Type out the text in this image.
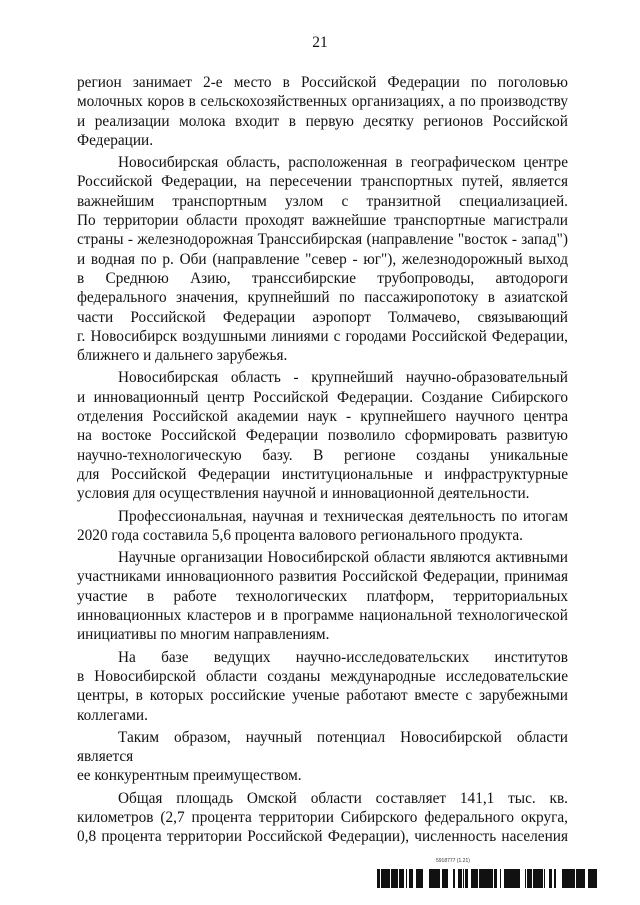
21

регион занимает 2-е место в Российской Федерации по поголовью

молочных коров в сельскохозяйственных организациях, а по производству

и реализации молока входит в первую десятку регионов Российской

Федерации.

Новосибирская область, расположенная в географическом центре

Российской Федерации, на пересечении транспортных путей, является

важнейшим транспортным узлом с транзитной специализацией.

По территории области проходят важнейшие транспортные магистрали

страны - железнодорожная Транссибирская (направление "восток - запад")

и водная по р. Оби (направление "север - юг"), железнодорожный выход

в Среднюю Азию, транссибирские трубопроводы, автодороги

федерального значения, крупнейший по пассажиропотоку в азиатской

части Российской Федерации аэропорт Толмачево, связывающий

г. Новосибирск воздушными линиями с городами Российской Федерации,

ближнего и дальнего зарубежья.

Новосибирская область - крупнейший научно-образовательный

и инновационный центр Российской Федерации. Создание Сибирского

отделения Российской академии наук - крупнейшего научного центра

на востоке Российской Федерации позволило сформировать развитую

научно-технологическую базу. В регионе созданы уникальные

для Российской Федерации институциональные и инфраструктурные

условия для осуществления научной и инновационной деятельности.

Профессиональная, научная и техническая деятельность по итогам

2020 года составила 5,6 процента валового регионального продукта.

Научные организации Новосибирской области являются активными

участниками инновационного развития Российской Федерации, принимая

участие в работе технологических платформ, территориальных

инновационных кластеров и в программе национальной технологической

инициативы по многим направлениям.

На базе ведущих научно-исследовательских институтов

в Новосибирской области созданы международные исследовательские

центры, в которых российские ученые работают вместе с зарубежными

коллегами.

Таким образом, научный потенциал Новосибирской области является

ее конкурентным преимуществом.

Общая площадь Омской области составляет 141,1 тыс. кв.

километров (2,7 процента территории Сибирского федерального округа,

0,8 процента территории Российской Федерации), численность населения

5918777 (1.21)
